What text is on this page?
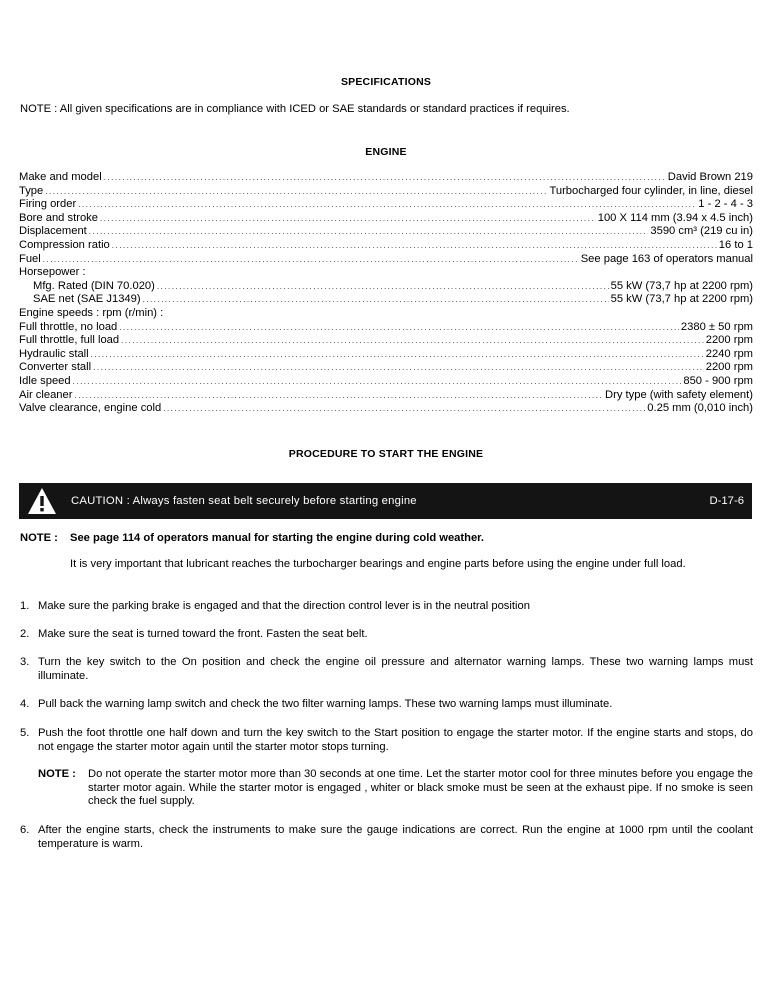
SPECIFICATIONS
NOTE : All given specifications are in compliance with ICED or SAE standards or standard practices if requires.
ENGINE
Make and model .....	David Brown 219
Type .....	Turbocharged four cylinder, in line, diesel
Firing order .....	1 - 2 - 4 - 3
Bore and stroke .....	100 X 114 mm (3.94 x 4.5 inch)
Displacement .....	3590 cm³ (219 cu in)
Compression ratio .....	16 to 1
Fuel .....	See page 163 of operators manual
Horsepower :
Mfg. Rated (DIN 70.020) .....	55 kW (73,7 hp at 2200 rpm)
SAE net (SAE J1349) .....	55 kW (73,7 hp at 2200 rpm)
Engine speeds : rpm (r/min) :
Full throttle, no load .....	2380 ± 50 rpm
Full throttle, full load .....	2200 rpm
Hydraulic stall .....	2240 rpm
Converter stall .....	2200 rpm
Idle speed .....	850 - 900 rpm
Air cleaner .....	Dry type (with safety element)
Valve clearance, engine cold .....	0.25 mm (0,010 inch)
PROCEDURE TO START THE ENGINE
CAUTION : Always fasten seat belt securely before starting engine	D-17-6
NOTE : See page 114 of operators manual for starting the engine during cold weather.
It is very important that lubricant reaches the turbocharger bearings and engine parts before using the engine under full load.
1. Make sure the parking brake is engaged and that the direction control lever is in the neutral position
2. Make sure the seat is turned toward the front. Fasten the seat belt.
3. Turn the key switch to the On position and check the engine oil pressure and alternator warning lamps. These two warning lamps must illuminate.
4. Pull back the warning lamp switch and check the two filter warning lamps. These two warning lamps must illuminate.
5. Push the foot throttle one half down and turn the key switch to the Start position to engage the starter motor. If the engine starts and stops, do not engage the starter motor again until the starter motor stops turning.
NOTE : Do not operate the starter motor more than 30 seconds at one time. Let the starter motor cool for three minutes before you engage the starter motor again. While the starter motor is engaged , whiter or black smoke must be seen at the exhaust pipe. If no smoke is seen check the fuel supply.
6. After the engine starts, check the instruments to make sure the gauge indications are correct. Run the engine at 1000 rpm until the coolant temperature is warm.
